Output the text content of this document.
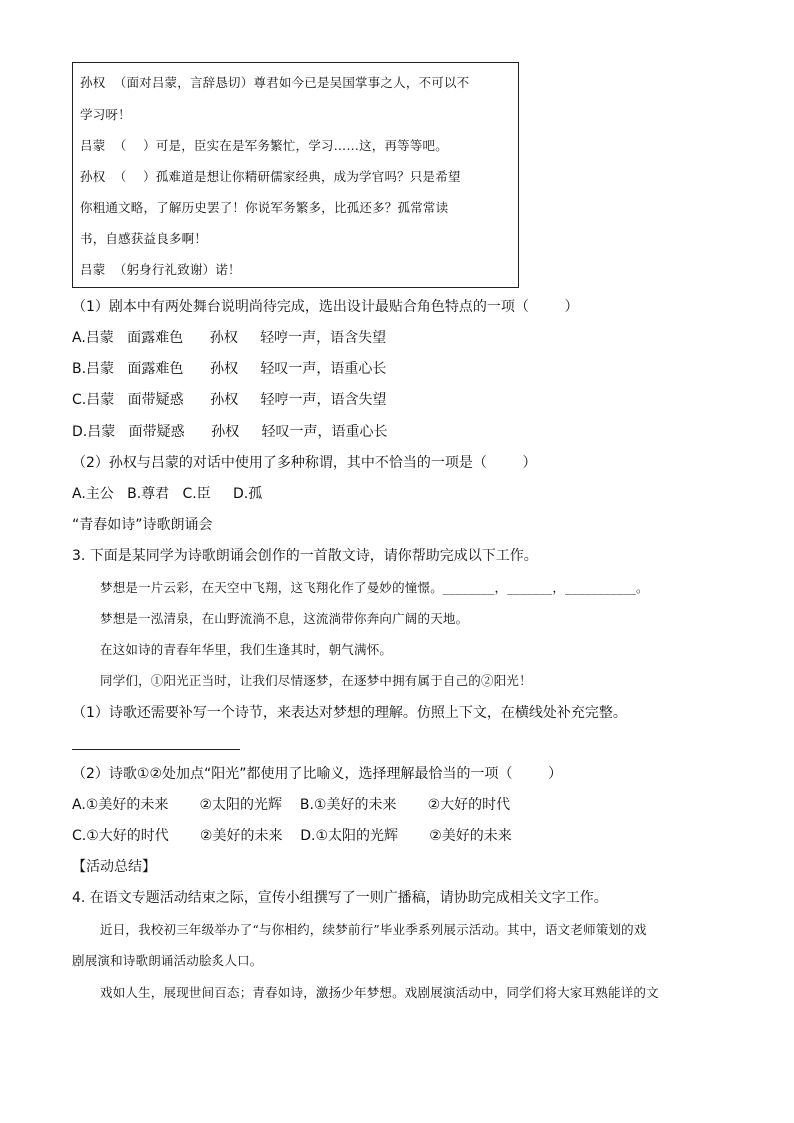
孙权  （面对吕蒙，言辞恳切）尊君如今已是吴国掌事之人，不可以不
学习呀！
吕蒙  （    ）可是，臣实在是军务繁忙，学习……这，再等等吧。
孙权  （    ）孤难道是想让你精研儒家经典，成为学官吗？只是希望
你粗通文略，了解历史罢了！你说军务繁多，比孤还多？孤常常读
书，自感获益良多啊！
吕蒙  （躬身行礼致谢）诺！
（1）剧本中有两处舞台说明尚待完成，选出设计最贴合角色特点的一项（        ）
A.吕蒙   面露难色      孙权     轻哼一声，语含失望
B.吕蒙   面露难色      孙权     轻叹一声，语重心长
C.吕蒙   面带疑惑      孙权     轻哼一声，语含失望
D.吕蒙   面带疑惑      孙权     轻叹一声，语重心长
（2）孙权与吕蒙的对话中使用了多种称谓，其中不恰当的一项是（        ）
A.主公   B.尊君   C.臣     D.孤
“青春如诗”诗歌朗诵会
3. 下面是某同学为诗歌朗诵会创作的一首散文诗，请你帮助完成以下工作。
梦想是一片云彩，在天空中飞翔，这飞翔化作了曼妙的憧憬。________，_______，___________。
梦想是一泓清泉，在山野流淌不息，这流淌带你奔向广阔的天地。
在这如诗的青春年华里，我们生逢其时，朝气满怀。
同学们，①阳光正当时，让我们尽情逐梦，在逐梦中拥有属于自己的②阳光！
（1）诗歌还需要补写一个诗节，来表达对梦想的理解。仿照上下文，在横线处补充完整。
（2）诗歌①②处加点“阳光”都使用了比喻义，选择理解最恰当的一项（        ）
A.①美好的未来       ②太阳的光辉    B.①美好的未来       ②大好的时代
C.①大好的时代       ②美好的未来    D.①太阳的光辉       ②美好的未来
【活动总结】
4. 在语文专题活动结束之际，宣传小组撰写了一则广播稿，请协助完成相关文字工作。
近日，我校初三年级举办了“与你相约，续梦前行”毕业季系列展示活动。其中，语文老师策划的戏
剧展演和诗歌朗诵活动脍炙人口。
戏如人生，展现世间百态；青春如诗，激扬少年梦想。戏剧展演活动中，同学们将大家耳熟能详的文
